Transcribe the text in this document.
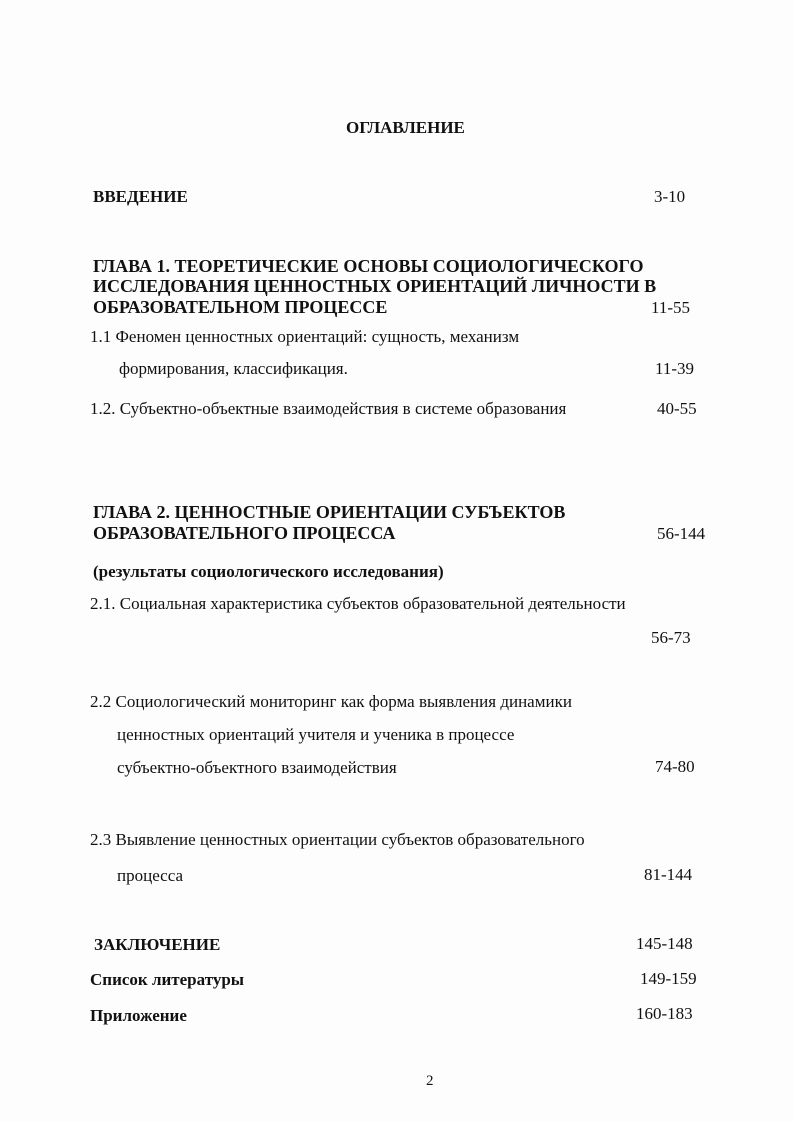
ОГЛАВЛЕНИЕ
ВВЕДЕНИЕ	3-10
ГЛАВА 1. ТЕОРЕТИЧЕСКИЕ ОСНОВЫ СОЦИОЛОГИЧЕСКОГО
ИССЛЕДОВАНИЯ ЦЕННОСТНЫХ ОРИЕНТАЦИЙ ЛИЧНОСТИ В
ОБРАЗОВАТЕЛЬНОМ ПРОЦЕССЕ	11-55
1.1 Феномен ценностных ориентаций: сущность, механизм
формирования, классификация.	11-39
1.2. Субъектно-объектные взаимодействия в системе образования	40-55
ГЛАВА 2. ЦЕННОСТНЫЕ ОРИЕНТАЦИИ СУБЪЕКТОВ
ОБРАЗОВАТЕЛЬНОГО ПРОЦЕССА	56-144
(результаты социологического исследования)
2.1. Социальная характеристика субъектов образовательной деятельности
56-73
2.2 Социологический мониторинг как форма выявления динамики
ценностных ориентаций учителя и ученика в процессе
субъектно-объектного взаимодействия	74-80
2.3 Выявление ценностных ориентации субъектов образовательного
процесса	81-144
ЗАКЛЮЧЕНИЕ	145-148
Список литературы	149-159
Приложение	160-183
2
